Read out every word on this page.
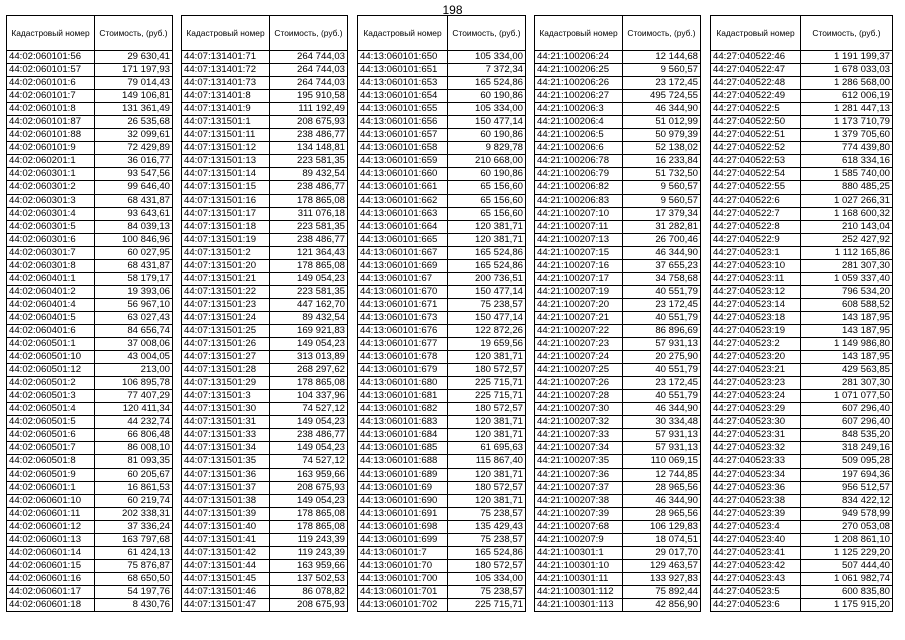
198
Кадастровый номер	Стоимость, (руб.)
44:02:060101:56	29 630,41
44:02:060101:57	171 197,93
44:02:060101:6	79 014,43
44:02:060101:7	149 106,81
44:02:060101:8	131 361,49
44:02:060101:87	26 535,68
44:02:060101:88	32 099,61
44:02:060101:9	72 429,89
44:02:060201:1	36 016,77
44:02:060301:1	93 547,56
44:02:060301:2	99 646,40
44:02:060301:3	68 431,87
44:02:060301:4	93 643,61
44:02:060301:5	84 039,13
44:02:060301:6	100 846,96
44:02:060301:7	60 027,95
44:02:060301:8	68 431,87
44:02:060401:1	58 179,17
44:02:060401:2	19 393,06
44:02:060401:4	56 967,10
44:02:060401:5	63 027,43
44:02:060401:6	84 656,74
44:02:060501:1	37 008,06
44:02:060501:10	43 004,05
44:02:060501:12	213,00
44:02:060501:2	106 895,78
44:02:060501:3	77 407,29
44:02:060501:4	120 411,34
44:02:060501:5	44 232,74
44:02:060501:6	66 806,48
44:02:060501:7	86 008,10
44:02:060501:8	81 093,35
44:02:060501:9	60 205,67
44:02:060601:1	16 861,53
44:02:060601:10	60 219,74
44:02:060601:11	202 338,31
44:02:060601:12	37 336,24
44:02:060601:13	163 797,68
44:02:060601:14	61 424,13
44:02:060601:15	75 876,87
44:02:060601:16	68 650,50
44:02:060601:17	54 197,76
44:02:060601:18	8 430,76
Кадастровый номер	Стоимость, (руб.)
44:07:131401:71	264 744,03
44:07:131401:72	264 744,03
44:07:131401:73	264 744,03
44:07:131401:8	195 910,58
44:07:131401:9	111 192,49
44:07:131501:1	208 675,93
44:07:131501:11	238 486,77
44:07:131501:12	134 148,81
44:07:131501:13	223 581,35
44:07:131501:14	89 432,54
44:07:131501:15	238 486,77
44:07:131501:16	178 865,08
44:07:131501:17	311 076,18
44:07:131501:18	223 581,35
44:07:131501:19	238 486,77
44:07:131501:2	121 364,43
44:07:131501:20	178 865,08
44:07:131501:21	149 054,23
44:07:131501:22	223 581,35
44:07:131501:23	447 162,70
44:07:131501:24	89 432,54
44:07:131501:25	169 921,83
44:07:131501:26	149 054,23
44:07:131501:27	313 013,89
44:07:131501:28	268 297,62
44:07:131501:29	178 865,08
44:07:131501:3	104 337,96
44:07:131501:30	74 527,12
44:07:131501:31	149 054,23
44:07:131501:33	238 486,77
44:07:131501:34	149 054,23
44:07:131501:35	74 527,12
44:07:131501:36	163 959,66
44:07:131501:37	208 675,93
44:07:131501:38	149 054,23
44:07:131501:39	178 865,08
44:07:131501:40	178 865,08
44:07:131501:41	119 243,39
44:07:131501:42	119 243,39
44:07:131501:44	163 959,66
44:07:131501:45	137 502,53
44:07:131501:46	86 078,82
44:07:131501:47	208 675,93
Кадастровый номер	Стоимость, (руб.)
44:13:060101:650	105 334,00
44:13:060101:651	7 372,34
44:13:060101:653	165 524,86
44:13:060101:654	60 190,86
44:13:060101:655	105 334,00
44:13:060101:656	150 477,14
44:13:060101:657	60 190,86
44:13:060101:658	9 829,78
44:13:060101:659	210 668,00
44:13:060101:660	60 190,86
44:13:060101:661	65 156,60
44:13:060101:662	65 156,60
44:13:060101:663	65 156,60
44:13:060101:664	120 381,71
44:13:060101:665	120 381,71
44:13:060101:667	165 524,86
44:13:060101:669	165 524,86
44:13:060101:67	200 736,51
44:13:060101:670	150 477,14
44:13:060101:671	75 238,57
44:13:060101:673	150 477,14
44:13:060101:676	122 872,26
44:13:060101:677	19 659,56
44:13:060101:678	120 381,71
44:13:060101:679	180 572,57
44:13:060101:680	225 715,71
44:13:060101:681	225 715,71
44:13:060101:682	180 572,57
44:13:060101:683	120 381,71
44:13:060101:684	120 381,71
44:13:060101:685	61 695,63
44:13:060101:688	115 867,40
44:13:060101:689	120 381,71
44:13:060101:69	180 572,57
44:13:060101:690	120 381,71
44:13:060101:691	75 238,57
44:13:060101:698	135 429,43
44:13:060101:699	75 238,57
44:13:060101:7	165 524,86
44:13:060101:70	180 572,57
44:13:060101:700	105 334,00
44:13:060101:701	75 238,57
44:13:060101:702	225 715,71
Кадастровый номер	Стоимость, (руб.)
44:21:100206:24	12 144,68
44:21:100206:25	9 560,57
44:21:100206:26	23 172,45
44:21:100206:27	495 724,55
44:21:100206:3	46 344,90
44:21:100206:4	51 012,99
44:21:100206:5	50 979,39
44:21:100206:6	52 138,02
44:21:100206:78	16 233,84
44:21:100206:79	51 732,50
44:21:100206:82	9 560,57
44:21:100206:83	9 560,57
44:21:100207:10	17 379,34
44:21:100207:11	31 282,81
44:21:100207:13	26 700,46
44:21:100207:15	46 344,90
44:21:100207:16	37 655,23
44:21:100207:17	34 758,68
44:21:100207:19	40 551,79
44:21:100207:20	23 172,45
44:21:100207:21	40 551,79
44:21:100207:22	86 896,69
44:21:100207:23	57 931,13
44:21:100207:24	20 275,90
44:21:100207:25	40 551,79
44:21:100207:26	23 172,45
44:21:100207:28	40 551,79
44:21:100207:30	46 344,90
44:21:100207:32	30 334,48
44:21:100207:33	57 931,13
44:21:100207:34	57 931,13
44:21:100207:35	110 069,15
44:21:100207:36	12 744,85
44:21:100207:37	28 965,56
44:21:100207:38	46 344,90
44:21:100207:39	28 965,56
44:21:100207:68	106 129,83
44:21:100207:9	18 074,51
44:21:100301:1	29 017,70
44:21:100301:10	129 463,57
44:21:100301:11	133 927,83
44:21:100301:112	75 892,44
44:21:100301:113	42 856,90
Кадастровый номер	Стоимость, (руб.)
44:27:040522:46	1 191 199,37
44:27:040522:47	1 678 033,03
44:27:040522:48	1 286 568,00
44:27:040522:49	612 006,19
44:27:040522:5	1 281 447,13
44:27:040522:50	1 173 710,79
44:27:040522:51	1 379 705,60
44:27:040522:52	774 439,80
44:27:040522:53	618 334,16
44:27:040522:54	1 585 740,00
44:27:040522:55	880 485,25
44:27:040522:6	1 027 266,31
44:27:040522:7	1 168 600,32
44:27:040522:8	210 143,04
44:27:040522:9	252 427,92
44:27:040523:1	1 112 165,86
44:27:040523:10	281 307,30
44:27:040523:11	1 059 337,40
44:27:040523:12	796 534,20
44:27:040523:14	608 588,52
44:27:040523:18	143 187,95
44:27:040523:19	143 187,95
44:27:040523:2	1 149 986,80
44:27:040523:20	143 187,95
44:27:040523:21	429 563,85
44:27:040523:23	281 307,30
44:27:040523:24	1 071 077,50
44:27:040523:29	607 296,40
44:27:040523:30	607 296,40
44:27:040523:31	848 535,20
44:27:040523:32	318 249,16
44:27:040523:33	509 095,28
44:27:040523:34	197 694,36
44:27:040523:36	956 512,57
44:27:040523:38	834 422,12
44:27:040523:39	949 578,99
44:27:040523:4	270 053,08
44:27:040523:40	1 208 861,10
44:27:040523:41	1 125 229,20
44:27:040523:42	507 444,40
44:27:040523:43	1 061 982,74
44:27:040523:5	600 835,80
44:27:040523:6	1 175 915,20
